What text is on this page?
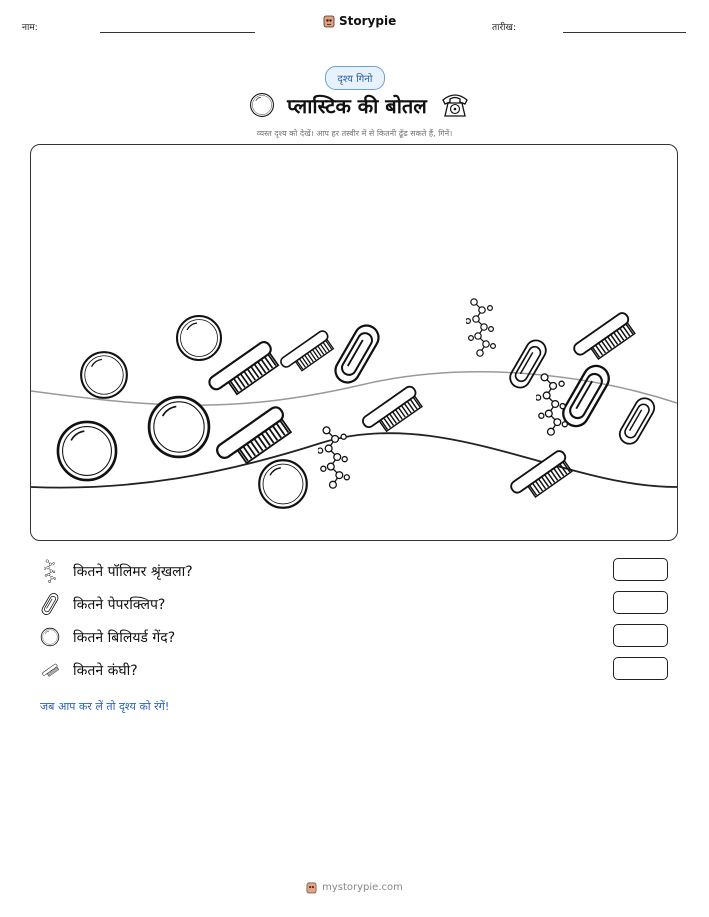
नाम:	Storypie	तारीख:
दृश्य गिनो
प्लास्टिक की बोतल
व्यस्त दृश्य को देखें। आप हर तस्वीर में से कितनी ढूँढ सकते हैं, गिनें।
कितने पॉलिमर श्रृंखला?
कितने पेपरक्लिप?
कितने बिलियर्ड गेंद?
कितने कंघी?
जब आप कर लें तो दृश्य को रंगें!
mystorypie.com
